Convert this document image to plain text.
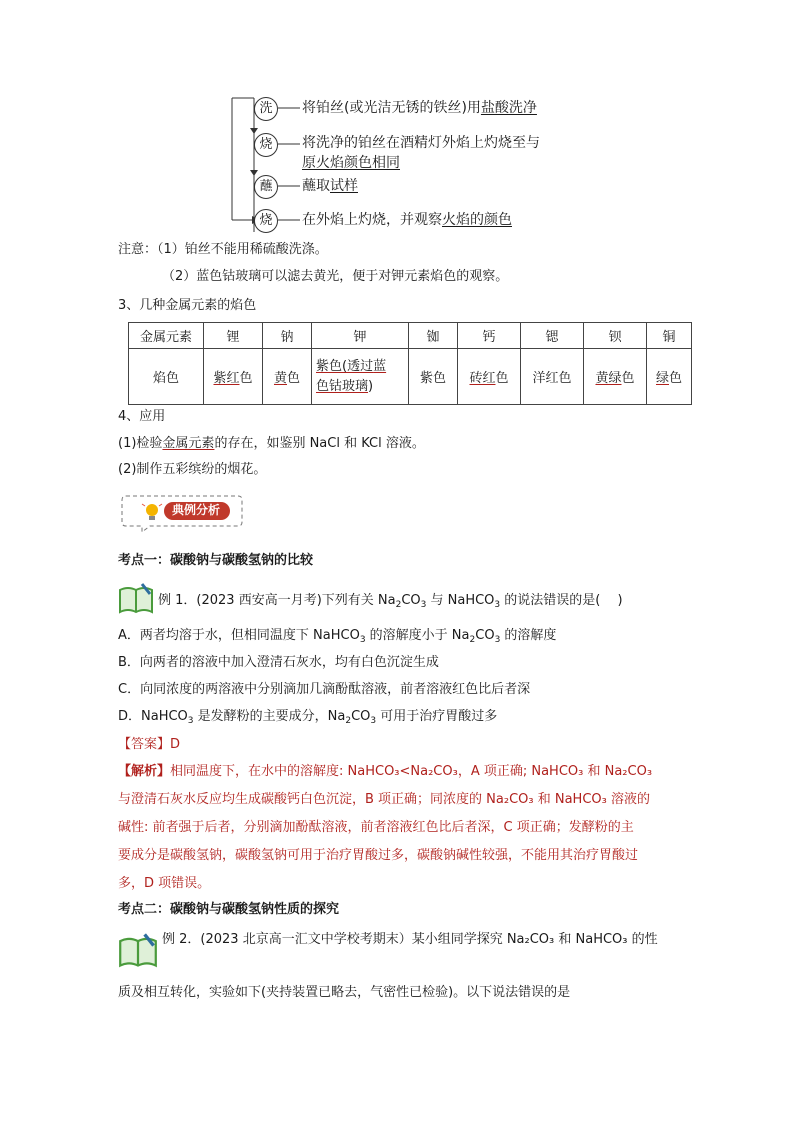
洗
烧
蘸
烧
将铂丝(或光洁无锈的铁丝)用盐酸洗净
将洗净的铂丝在酒精灯外焰上灼烧至与
原火焰颜色相同
蘸取试样
在外焰上灼烧，并观察火焰的颜色
注意：（1）铂丝不能用稀硫酸洗涤。
（2）蓝色钴玻璃可以滤去黄光，便于对钾元素焰色的观察。
3、几种金属元素的焰色
金属元素	锂	钠	钾	铷	钙	锶	钡	铜
焰色	紫红色	黄色	紫色(透过蓝
色钴玻璃)	紫色	砖红色	洋红色	黄绿色	绿色
4、应用
(1)检验金属元素的存在，如鉴别 NaCl 和 KCl 溶液。
(2)制作五彩缤纷的烟花。
典例分析
考点一：碳酸钠与碳酸氢钠的比较
例 1．(2023 西安高一月考)下列有关 $Na_2CO_3$ 与 NaHCO$_3$ 的说法错误的是(　 )
A．两者均溶于水，但相同温度下 NaHCO$_3$ 的溶解度小于 $Na_2CO_3$ 的溶解度
B．向两者的溶液中加入澄清石灰水，均有白色沉淀生成
C．向同浓度的两溶液中分别滴加几滴酚酞溶液，前者溶液红色比后者深
D．NaHCO$_3$ 是发酵粉的主要成分，$Na_2CO_3$ 可用于治疗胃酸过多
【答案】D
【解析】相同温度下，在水中的溶解度: NaHCO₃<Na₂CO₃，A 项正确; NaHCO₃ 和 Na₂CO₃
与澄清石灰水反应均生成碳酸钙白色沉淀，B 项正确；同浓度的 Na₂CO₃ 和 NaHCO₃ 溶液的
碱性: 前者强于后者，分别滴加酚酞溶液，前者溶液红色比后者深，C 项正确；发酵粉的主
要成分是碳酸氢钠，碳酸氢钠可用于治疗胃酸过多，碳酸钠碱性较强，不能用其治疗胃酸过
多，D 项错误。
考点二：碳酸钠与碳酸氢钠性质的探究
例 2．(2023 北京高一汇文中学校考期末）某小组同学探究 Na₂CO₃ 和 NaHCO₃ 的性
质及相互转化，实验如下(夹持装置已略去，气密性已检验)。以下说法错误的是
